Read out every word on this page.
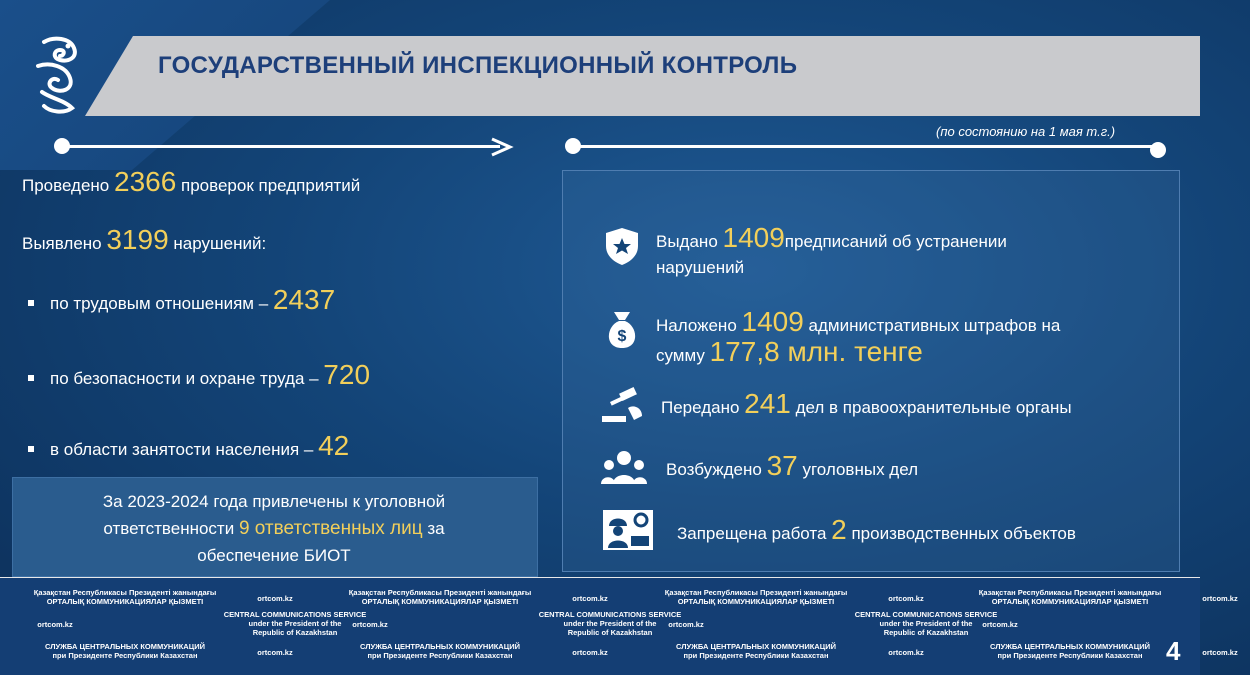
ГОСУДАРСТВЕННЫЙ ИНСПЕКЦИОННЫЙ КОНТРОЛЬ
(по состоянию на 1 мая т.г.)
Проведено 2366 проверок предприятий
Выявлено 3199 нарушений:
по трудовым отношениям – 2437
по безопасности и охране труда – 720
в области занятости населения – 42
За 2023-2024 года привлечены к уголовной
ответственности 9 ответственных лиц за
обеспечение БИОТ
Выдано 1409предписаний об устранении
нарушений
$
Наложено 1409 административных штрафов на
сумму 177,8 млн. тенге
Передано 241 дел в правоохранительные органы
Возбуждено 37 уголовных дел
Запрещена работа 2 производственных объектов
Қазақстан Республикасы Президенті жанындағы
ОРТАЛЫҚ КОММУНИКАЦИЯЛАР ҚЫЗМЕТІ	ortcom.kz
ortcom.kz
СЛУЖБА ЦЕНТРАЛЬНЫХ КОММУНИКАЦИЙ
при Президенте Республики Казахстан	ortcom.kz
CENTRAL COMMUNICATIONS SERVICE
under the President of the
Republic of Kazakhstan
Қазақстан Республикасы Президенті жанындағы
ОРТАЛЫҚ КОММУНИКАЦИЯЛАР ҚЫЗМЕТІ	ortcom.kz
ortcom.kz
СЛУЖБА ЦЕНТРАЛЬНЫХ КОММУНИКАЦИЙ
при Президенте Республики Казахстан	ortcom.kz
CENTRAL COMMUNICATIONS SERVICE
under the President of the
Republic of Kazakhstan
Қазақстан Республикасы Президенті жанындағы
ОРТАЛЫҚ КОММУНИКАЦИЯЛАР ҚЫЗМЕТІ	ortcom.kz
ortcom.kz
СЛУЖБА ЦЕНТРАЛЬНЫХ КОММУНИКАЦИЙ
при Президенте Республики Казахстан	ortcom.kz
CENTRAL COMMUNICATIONS SERVICE
under the President of the
Republic of Kazakhstan
Қазақстан Республикасы Президенті жанындағы
ОРТАЛЫҚ КОММУНИКАЦИЯЛАР ҚЫЗМЕТІ	ortcom.kz
ortcom.kz
СЛУЖБА ЦЕНТРАЛЬНЫХ КОММУНИКАЦИЙ
при Президенте Республики Казахстан	ortcom.kz
4
